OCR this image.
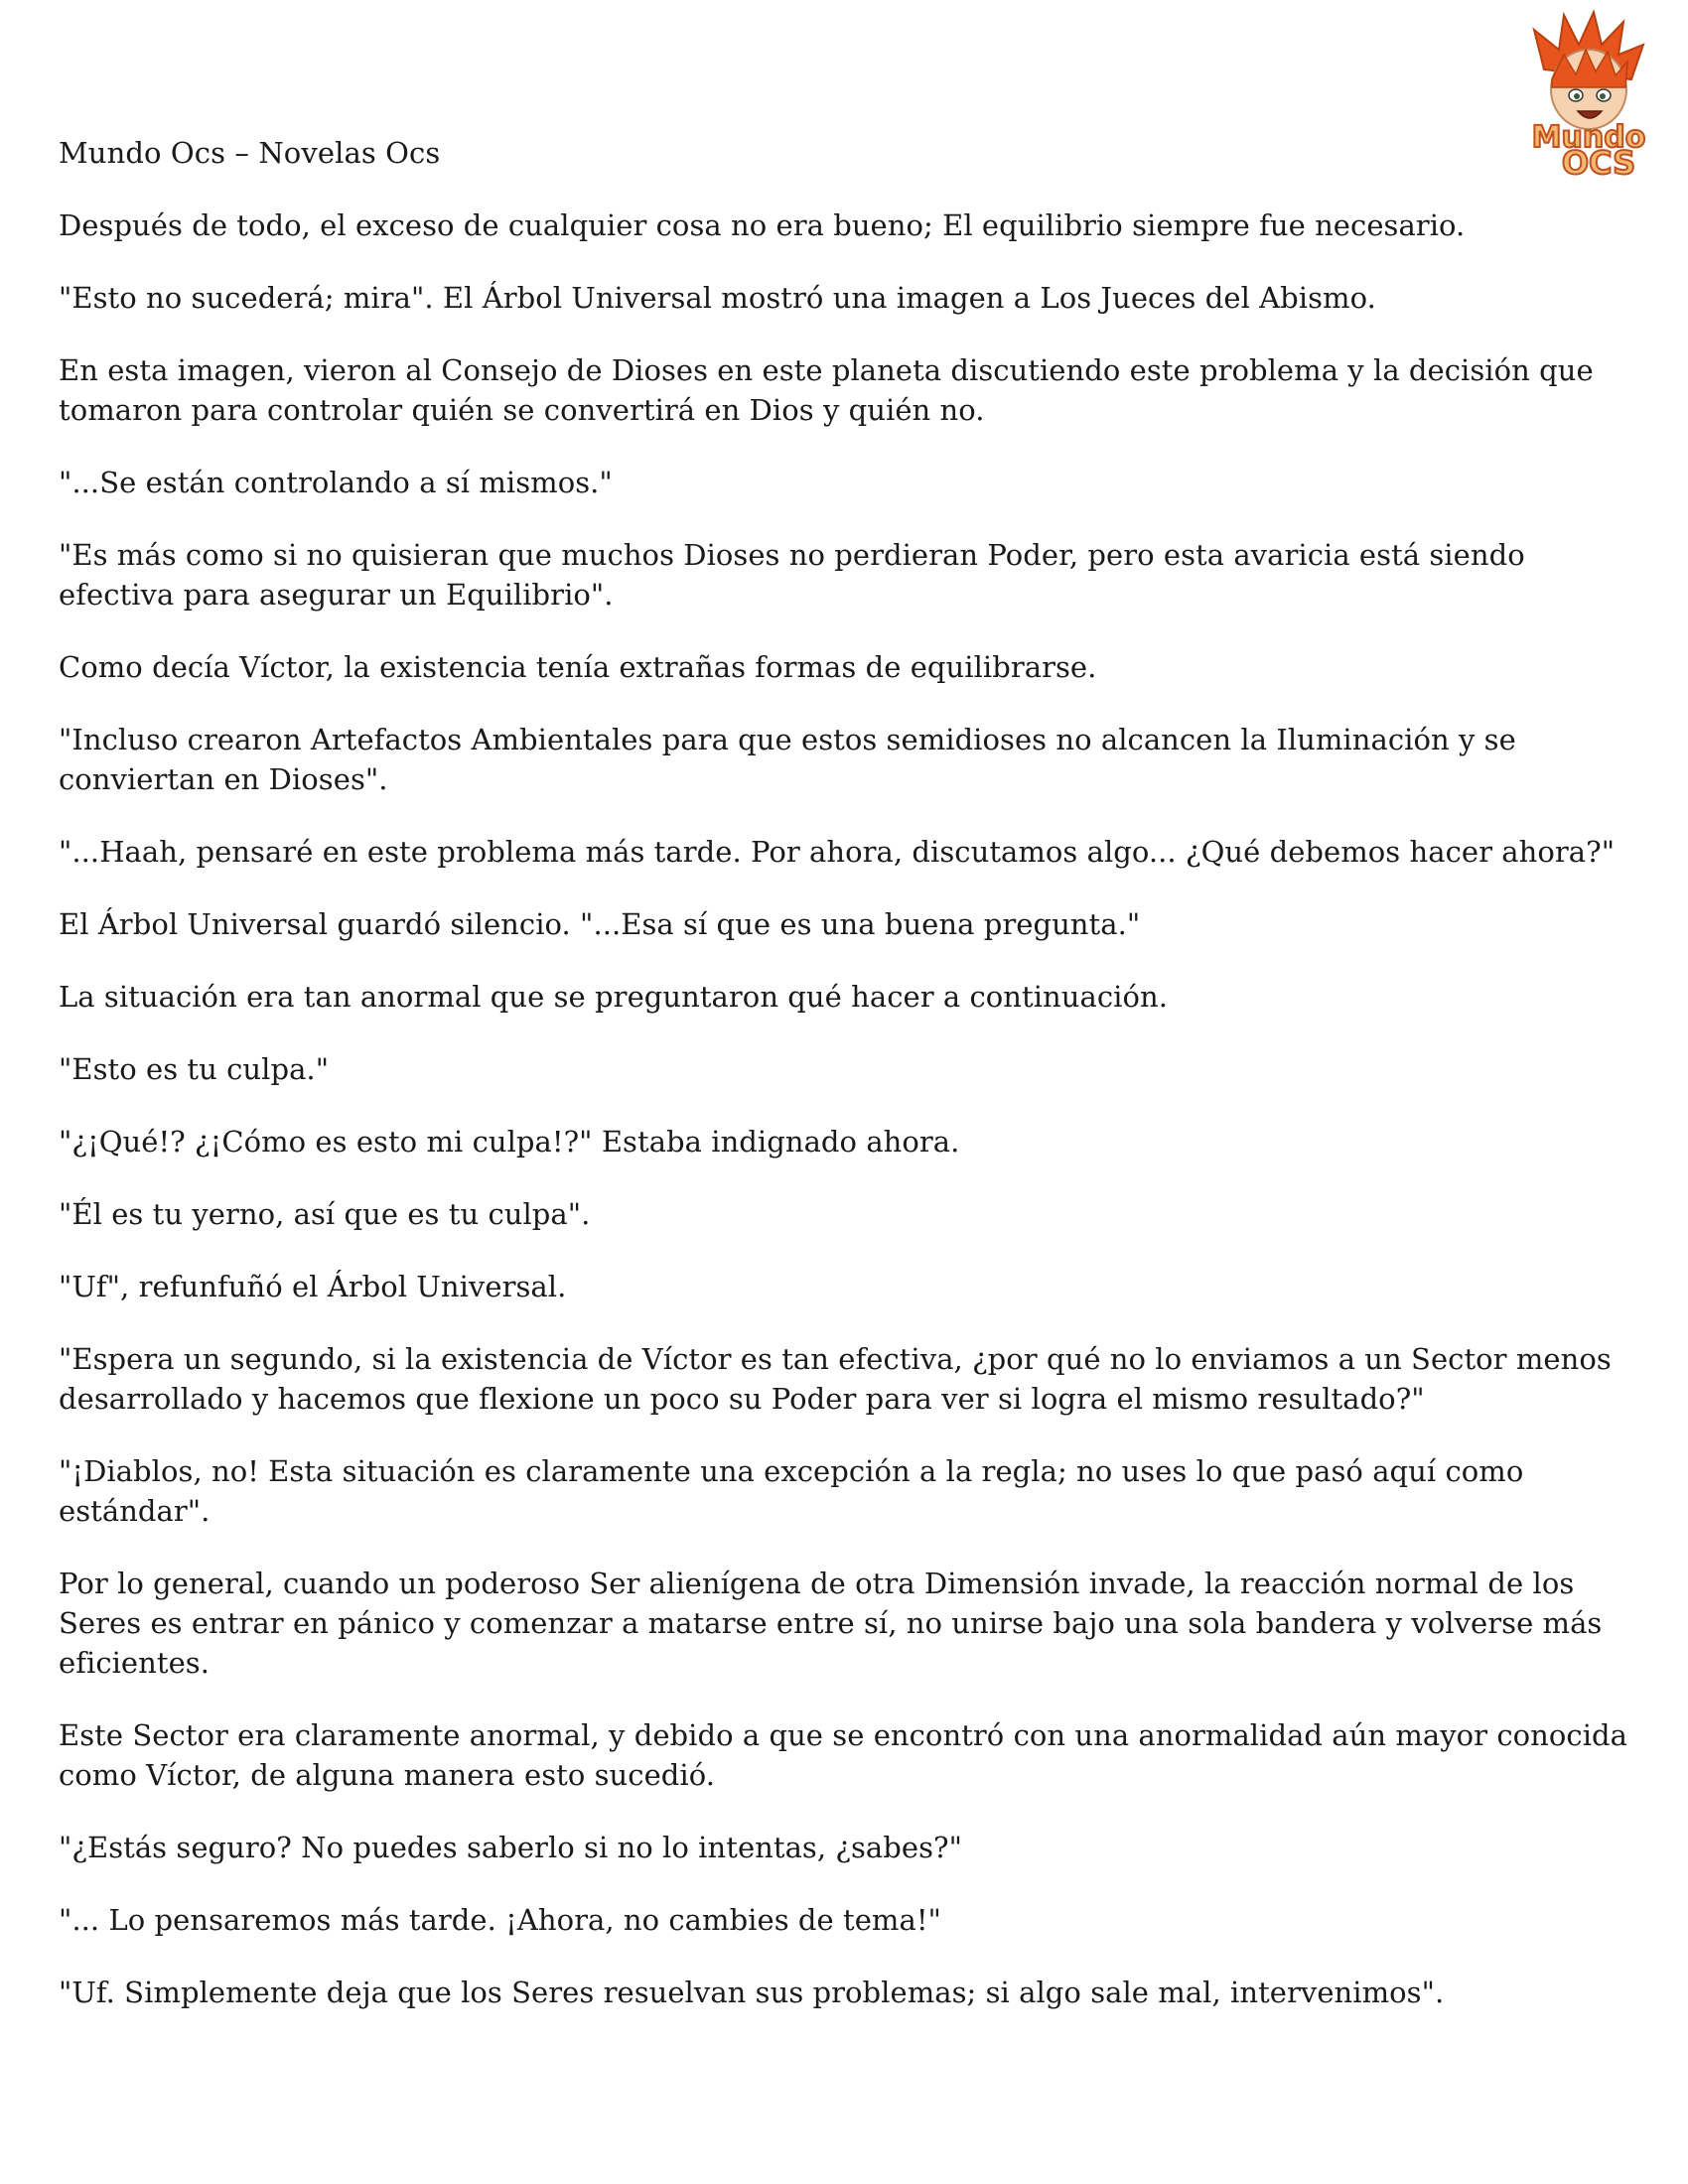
Mundo
OCS
Mundo Ocs – Novelas Ocs

Después de todo, el exceso de cualquier cosa no era bueno; El equilibrio siempre fue necesario.

"Esto no sucederá; mira". El Árbol Universal mostró una imagen a Los Jueces del Abismo.

En esta imagen, vieron al Consejo de Dioses en este planeta discutiendo este problema y la decisión que tomaron para controlar quién se convertirá en Dios y quién no.

"...Se están controlando a sí mismos."

"Es más como si no quisieran que muchos Dioses no perdieran Poder, pero esta avaricia está siendo efectiva para asegurar un Equilibrio".

Como decía Víctor, la existencia tenía extrañas formas de equilibrarse.

"Incluso crearon Artefactos Ambientales para que estos semidioses no alcancen la Iluminación y se conviertan en Dioses".

"...Haah, pensaré en este problema más tarde. Por ahora, discutamos algo... ¿Qué debemos hacer ahora?"

El Árbol Universal guardó silencio. "...Esa sí que es una buena pregunta."

La situación era tan anormal que se preguntaron qué hacer a continuación.

"Esto es tu culpa."

"¿¡Qué!? ¿¡Cómo es esto mi culpa!?" Estaba indignado ahora.

"Él es tu yerno, así que es tu culpa".

"Uf", refunfuñó el Árbol Universal.

"Espera un segundo, si la existencia de Víctor es tan efectiva, ¿por qué no lo enviamos a un Sector menos desarrollado y hacemos que flexione un poco su Poder para ver si logra el mismo resultado?"

"¡Diablos, no! Esta situación es claramente una excepción a la regla; no uses lo que pasó aquí como estándar".

Por lo general, cuando un poderoso Ser alienígena de otra Dimensión invade, la reacción normal de los Seres es entrar en pánico y comenzar a matarse entre sí, no unirse bajo una sola bandera y volverse más eficientes.

Este Sector era claramente anormal, y debido a que se encontró con una anormalidad aún mayor conocida como Víctor, de alguna manera esto sucedió.

"¿Estás seguro? No puedes saberlo si no lo intentas, ¿sabes?"

"... Lo pensaremos más tarde. ¡Ahora, no cambies de tema!"

"Uf. Simplemente deja que los Seres resuelvan sus problemas; si algo sale mal, intervenimos".
